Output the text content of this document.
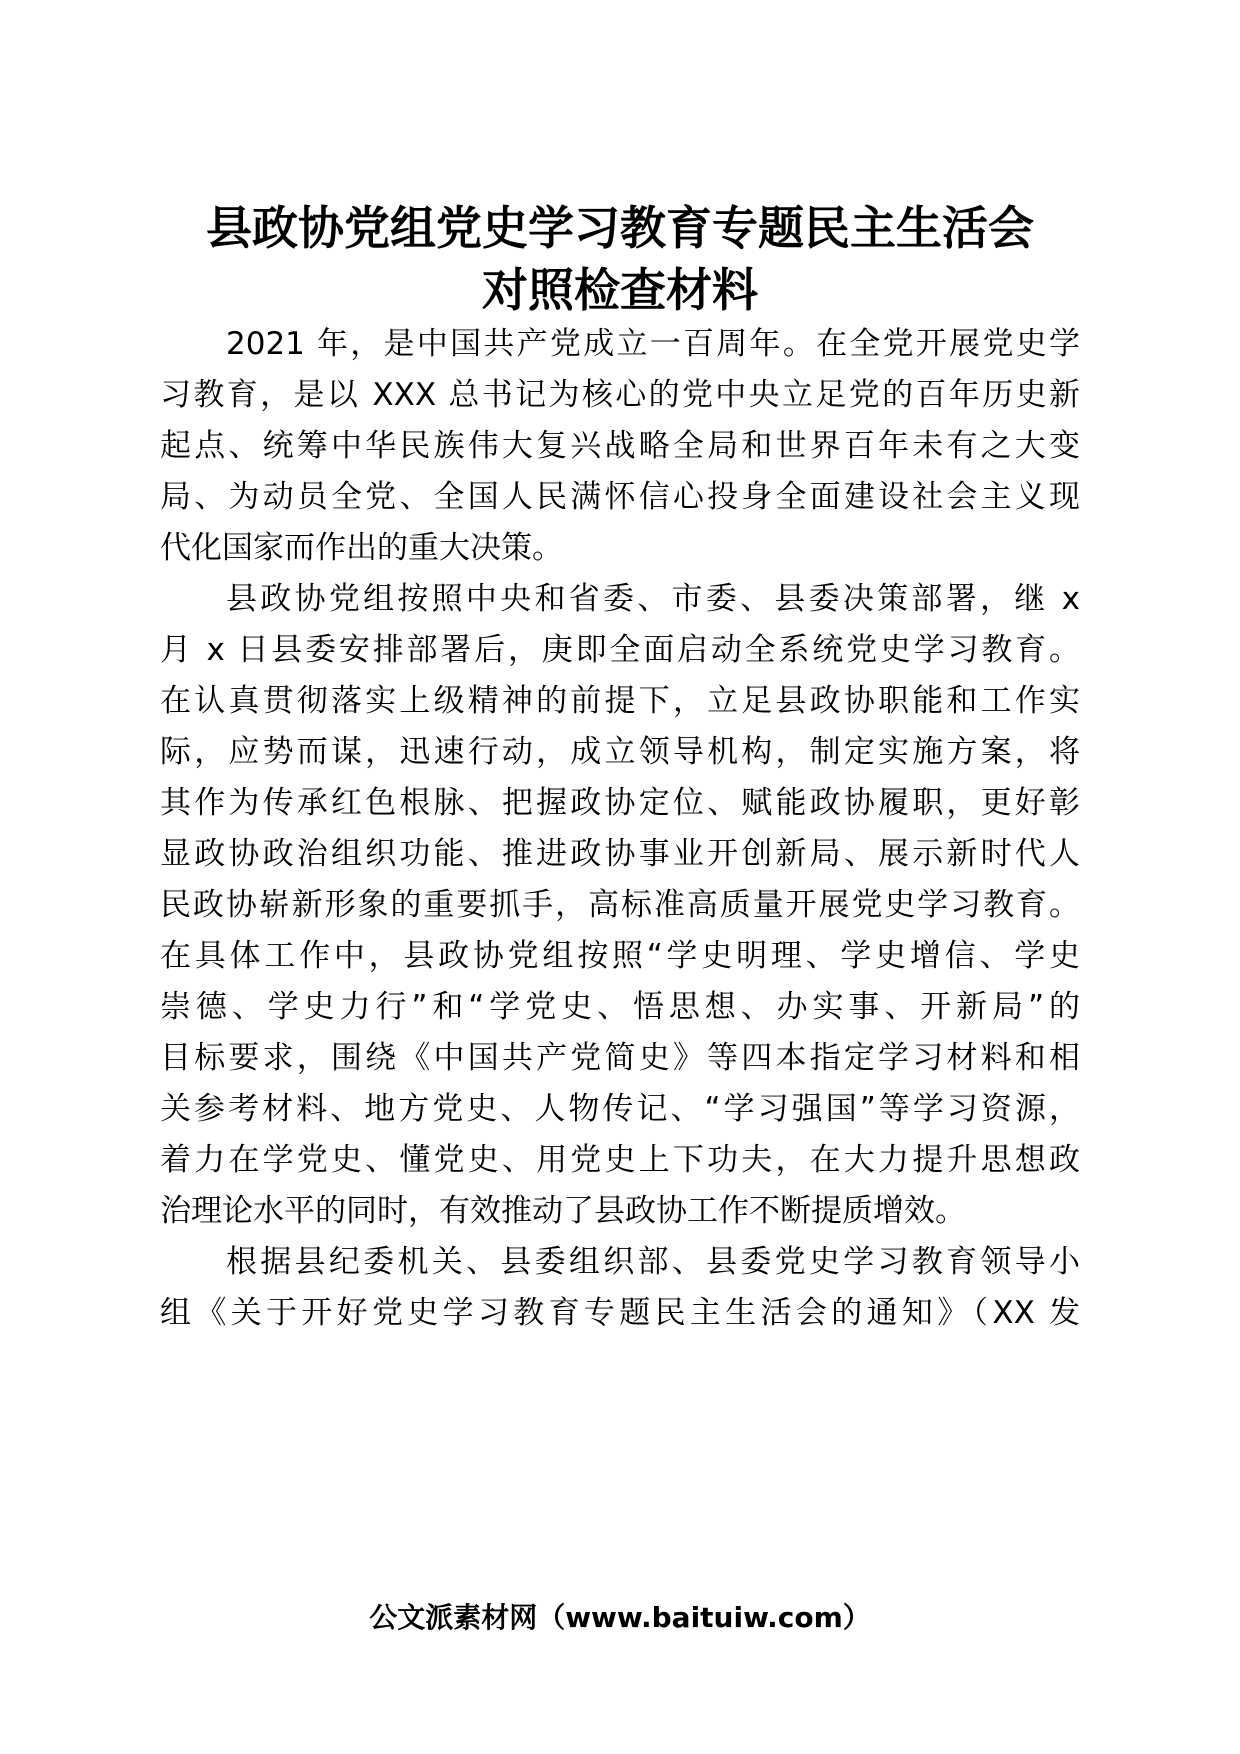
县政协党组党史学习教育专题民主生活会
对照检查材料

2021 年，是中国共产党成立一百周年。在全党开展党史学

习教育，是以 XXX 总书记为核心的党中央立足党的百年历史新

起点、统筹中华民族伟大复兴战略全局和世界百年未有之大变

局、为动员全党、全国人民满怀信心投身全面建设社会主义现

代化国家而作出的重大决策。

县政协党组按照中央和省委、市委、县委决策部署，继 x

月 x 日县委安排部署后，庚即全面启动全系统党史学习教育。

在认真贯彻落实上级精神的前提下，立足县政协职能和工作实

际，应势而谋，迅速行动，成立领导机构，制定实施方案，将

其作为传承红色根脉、把握政协定位、赋能政协履职，更好彰

显政协政治组织功能、推进政协事业开创新局、展示新时代人

民政协崭新形象的重要抓手，高标准高质量开展党史学习教育。

在具体工作中，县政协党组按照“学史明理、学史增信、学史

崇德、学史力行”和“学党史、悟思想、办实事、开新局”的

目标要求，围绕《中国共产党简史》等四本指定学习材料和相

关参考材料、地方党史、人物传记、“学习强国”等学习资源，

着力在学党史、懂党史、用党史上下功夫，在大力提升思想政

治理论水平的同时，有效推动了县政协工作不断提质增效。

根据县纪委机关、县委组织部、县委党史学习教育领导小

组《关于开好党史学习教育专题民主生活会的通知》（XX 发

公文派素材网（www.baituiw.com）
